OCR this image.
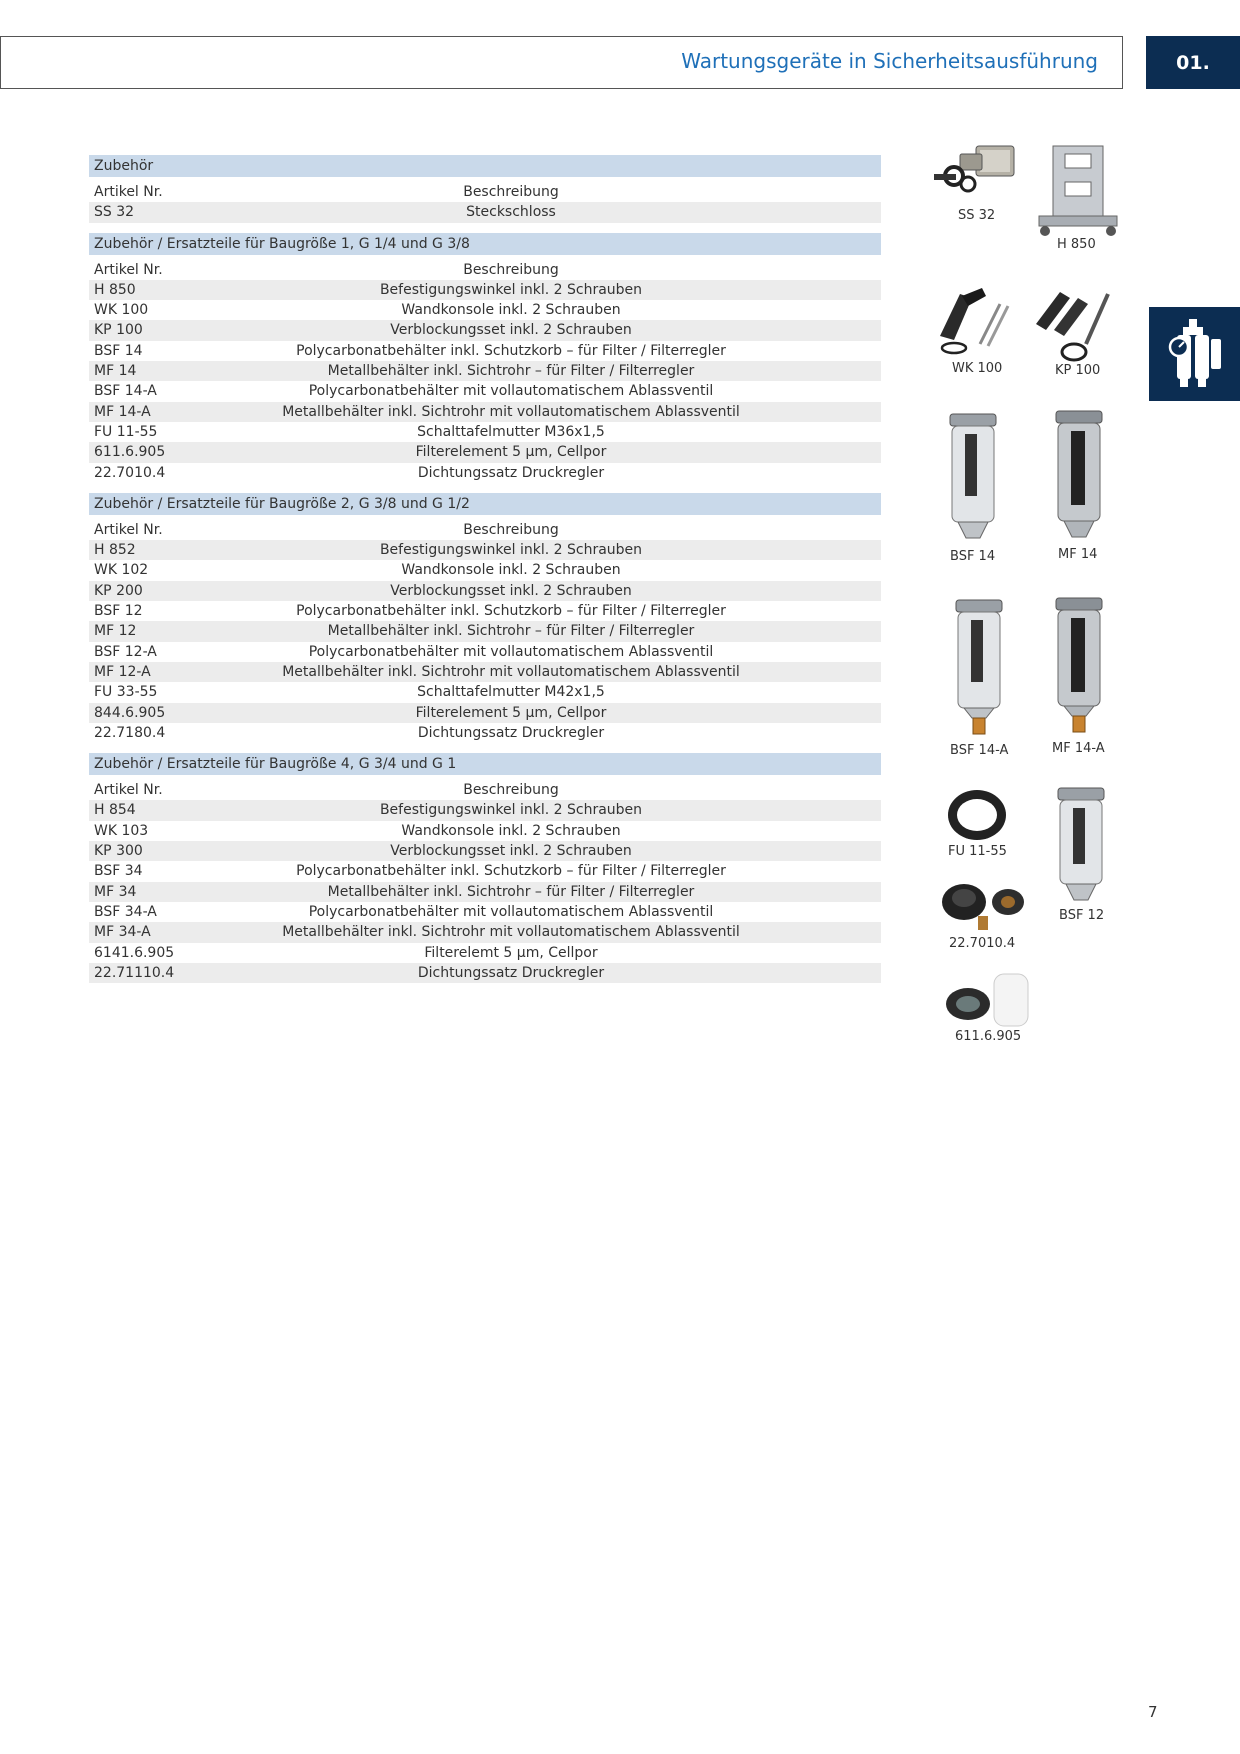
Wartungsgeräte in Sicherheitsausführung	01.
Zubehör
Artikel Nr.	Beschreibung
SS 32	Steckschloss
Zubehör / Ersatzteile für Baugröße 1, G 1/4 und G 3/8
Artikel Nr.	Beschreibung
H 850	Befestigungswinkel inkl. 2 Schrauben
WK 100	Wandkonsole inkl. 2 Schrauben
KP 100	Verblockungsset inkl. 2 Schrauben
BSF 14	Polycarbonatbehälter inkl. Schutzkorb – für Filter / Filterregler
MF 14	Metallbehälter inkl. Sichtrohr – für Filter / Filterregler
BSF 14-A	Polycarbonatbehälter mit vollautomatischem Ablassventil
MF 14-A	Metallbehälter inkl. Sichtrohr mit vollautomatischem Ablassventil
FU 11-55	Schalttafelmutter M36x1,5
611.6.905	Filterelement 5 µm, Cellpor
22.7010.4	Dichtungssatz Druckregler
Zubehör / Ersatzteile für Baugröße 2, G 3/8 und G 1/2
Artikel Nr.	Beschreibung
H 852	Befestigungswinkel inkl. 2 Schrauben
WK 102	Wandkonsole inkl. 2 Schrauben
KP 200	Verblockungsset inkl. 2 Schrauben
BSF 12	Polycarbonatbehälter inkl. Schutzkorb – für Filter / Filterregler
MF 12	Metallbehälter inkl. Sichtrohr – für Filter / Filterregler
BSF 12-A	Polycarbonatbehälter mit vollautomatischem Ablassventil
MF 12-A	Metallbehälter inkl. Sichtrohr mit vollautomatischem Ablassventil
FU 33-55	Schalttafelmutter M42x1,5
844.6.905	Filterelement 5 µm, Cellpor
22.7180.4	Dichtungssatz Druckregler
Zubehör / Ersatzteile für Baugröße 4, G 3/4 und G 1
Artikel Nr.	Beschreibung
H 854	Befestigungswinkel inkl. 2 Schrauben
WK 103	Wandkonsole inkl. 2 Schrauben
KP 300	Verblockungsset inkl. 2 Schrauben
BSF 34	Polycarbonatbehälter inkl. Schutzkorb – für Filter / Filterregler
MF 34	Metallbehälter inkl. Sichtrohr – für Filter / Filterregler
BSF 34-A	Polycarbonatbehälter mit vollautomatischem Ablassventil
MF 34-A	Metallbehälter inkl. Sichtrohr mit vollautomatischem Ablassventil
6141.6.905	Filterelemt 5 µm, Cellpor
22.71110.4	Dichtungssatz Druckregler
SS 32
H 850
WK 100	KP 100
BSF 14	MF 14
BSF 14-A	MF 14-A
FU 11-55
BSF 12
22.7010.4
611.6.905
7
